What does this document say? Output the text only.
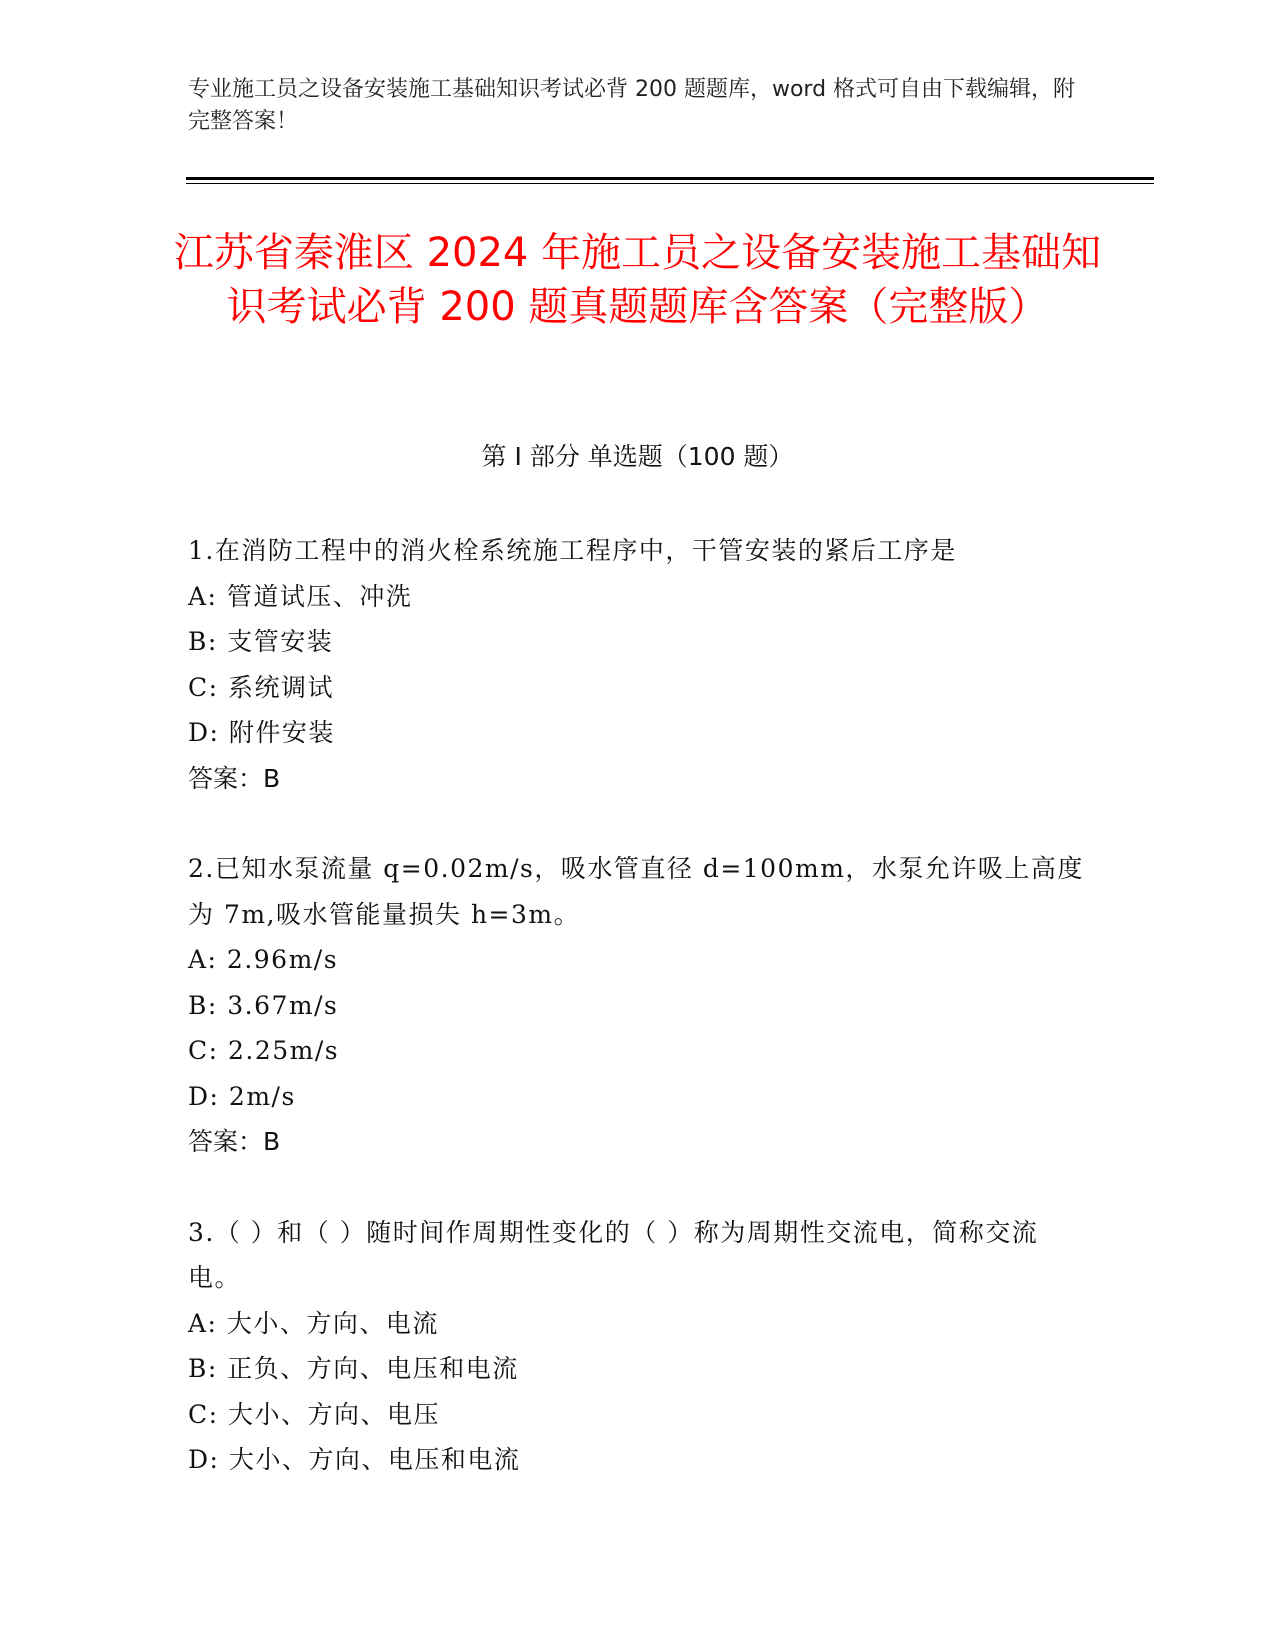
专业施工员之设备安装施工基础知识考试必背 200 题题库，word 格式可自由下载编辑，附完整答案！
江苏省秦淮区 2024 年施工员之设备安装施工基础知识考试必背 200 题真题题库含答案（完整版）
第 I 部分 单选题（100 题）
1.在消防工程中的消火栓系统施工程序中，干管安装的紧后工序是
A: 管道试压、冲洗
B: 支管安装
C: 系统调试
D: 附件安装
答案：B
2.已知水泵流量 q=0.02m/s，吸水管直径 d=100mm，水泵允许吸上高度为 7m,吸水管能量损失 h=3m。
A: 2.96m/s
B: 3.67m/s
C: 2.25m/s
D: 2m/s
答案：B
3.（ ）和（ ）随时间作周期性变化的（ ）称为周期性交流电，简称交流电。
A: 大小、方向、电流
B: 正负、方向、电压和电流
C: 大小、方向、电压
D: 大小、方向、电压和电流
